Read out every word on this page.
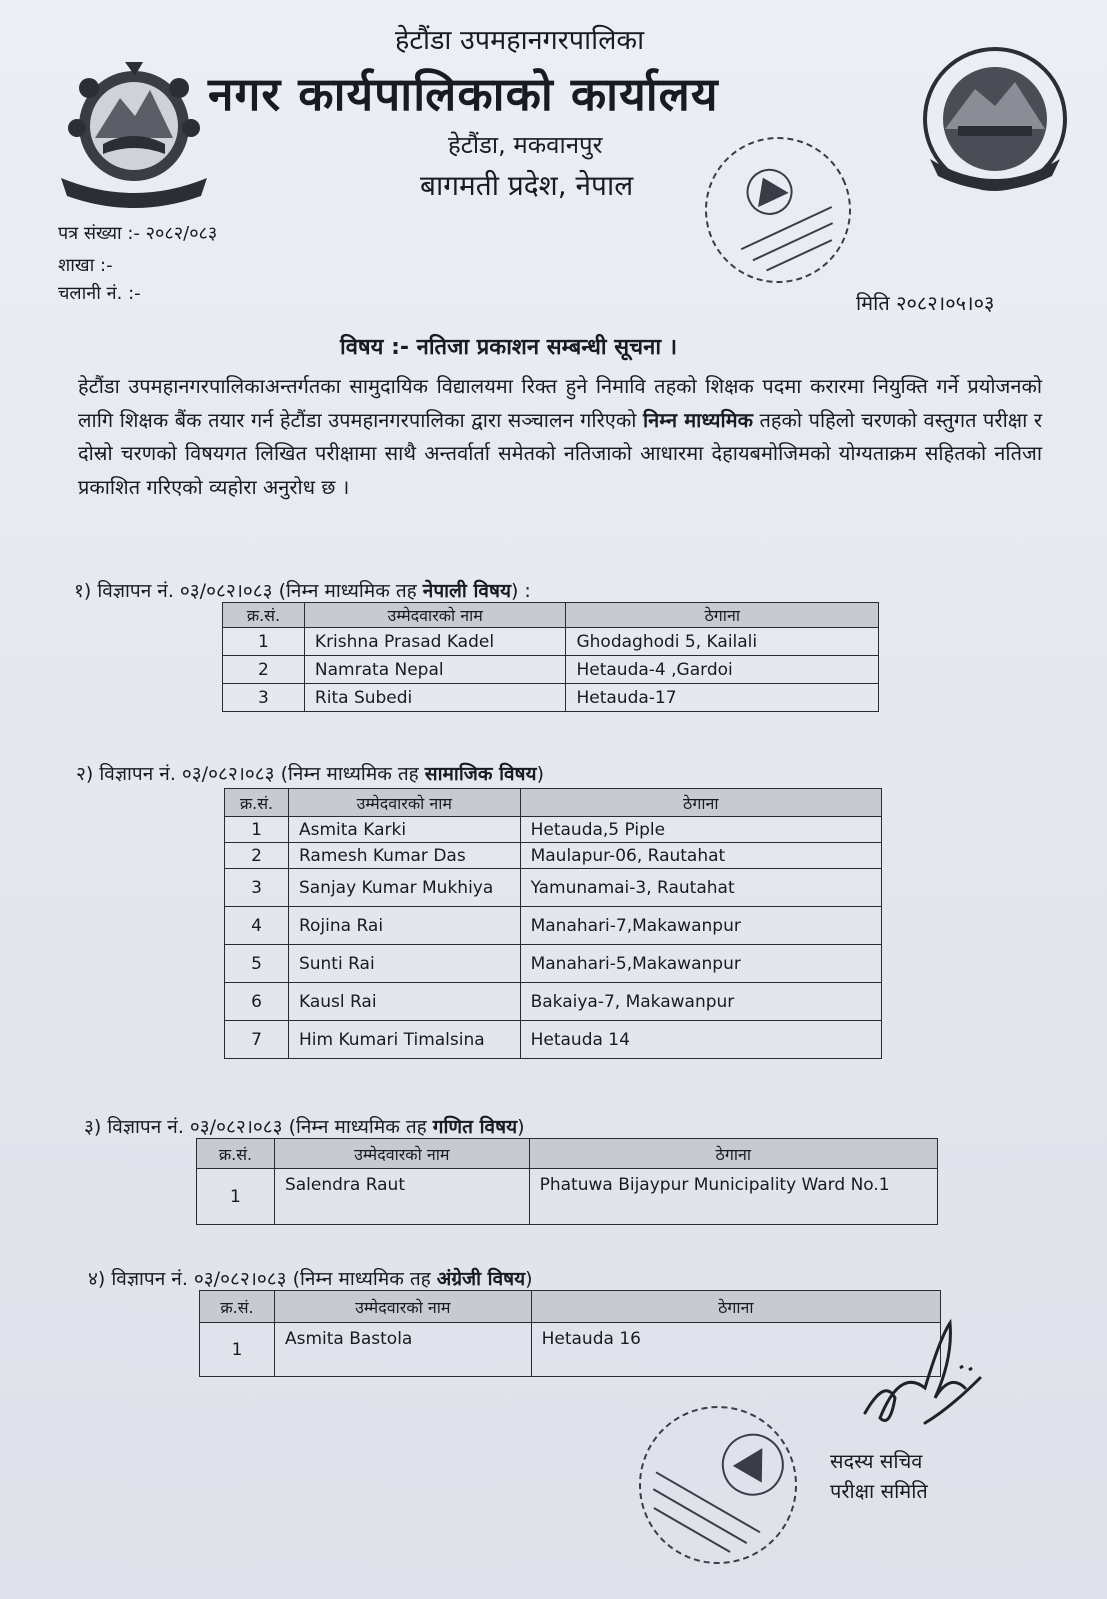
हेटौंडा उपमहानगरपालिका
नगर कार्यपालिकाको कार्यालय
हेटौंडा, मकवानपुर
बागमती प्रदेश, नेपाल
पत्र संख्या :- २०८२/०८३
शाखा :-
चलानी नं. :-	मिति २०८२।०५।०३
विषय :- नतिजा प्रकाशन सम्बन्धी सूचना ।
हेटौंडा उपमहानगरपालिकाअन्तर्गतका सामुदायिक विद्यालयमा रिक्त हुने निमावि तहको शिक्षक पदमा करारमा नियुक्ति गर्ने प्रयोजनको लागि शिक्षक बैंक तयार गर्न हेटौंडा उपमहानगरपालिका द्वारा सञ्चालन गरिएको निम्न माध्यमिक तहको पहिलो चरणको वस्तुगत परीक्षा र दोस्रो चरणको विषयगत लिखित परीक्षामा साथै अन्तर्वार्ता समेतको नतिजाको आधारमा देहायबमोजिमको योग्यताक्रम सहितको नतिजा प्रकाशित गरिएको व्यहोरा अनुरोध छ ।
१) विज्ञापन नं. ०३/०८२।०८३ (निम्न माध्यमिक तह नेपाली विषय) :
क्र.सं.	उम्मेदवारको नाम	ठेगाना
1	Krishna Prasad Kadel	Ghodaghodi 5, Kailali
2	Namrata Nepal	Hetauda-4 ,Gardoi
3	Rita Subedi	Hetauda-17
२) विज्ञापन नं. ०३/०८२।०८३ (निम्न माध्यमिक तह सामाजिक विषय)
क्र.सं.	उम्मेदवारको नाम	ठेगाना
1	Asmita Karki	Hetauda,5 Piple
2	Ramesh Kumar Das	Maulapur-06, Rautahat
3	Sanjay Kumar Mukhiya	Yamunamai-3, Rautahat
4	Rojina Rai	Manahari-7,Makawanpur
5	Sunti Rai	Manahari-5,Makawanpur
6	Kausl Rai	Bakaiya-7, Makawanpur
7	Him Kumari Timalsina	Hetauda 14
३) विज्ञापन नं. ०३/०८२।०८३ (निम्न माध्यमिक तह गणित विषय)
क्र.सं.	उम्मेदवारको नाम	ठेगाना
1	Salendra Raut	Phatuwa Bijaypur Municipality Ward No.1
४) विज्ञापन नं. ०३/०८२।०८३ (निम्न माध्यमिक तह अंग्रेजी विषय)
क्र.सं.	उम्मेदवारको नाम	ठेगाना
1	Asmita Bastola	Hetauda 16
सदस्य सचिव
परीक्षा समिति
